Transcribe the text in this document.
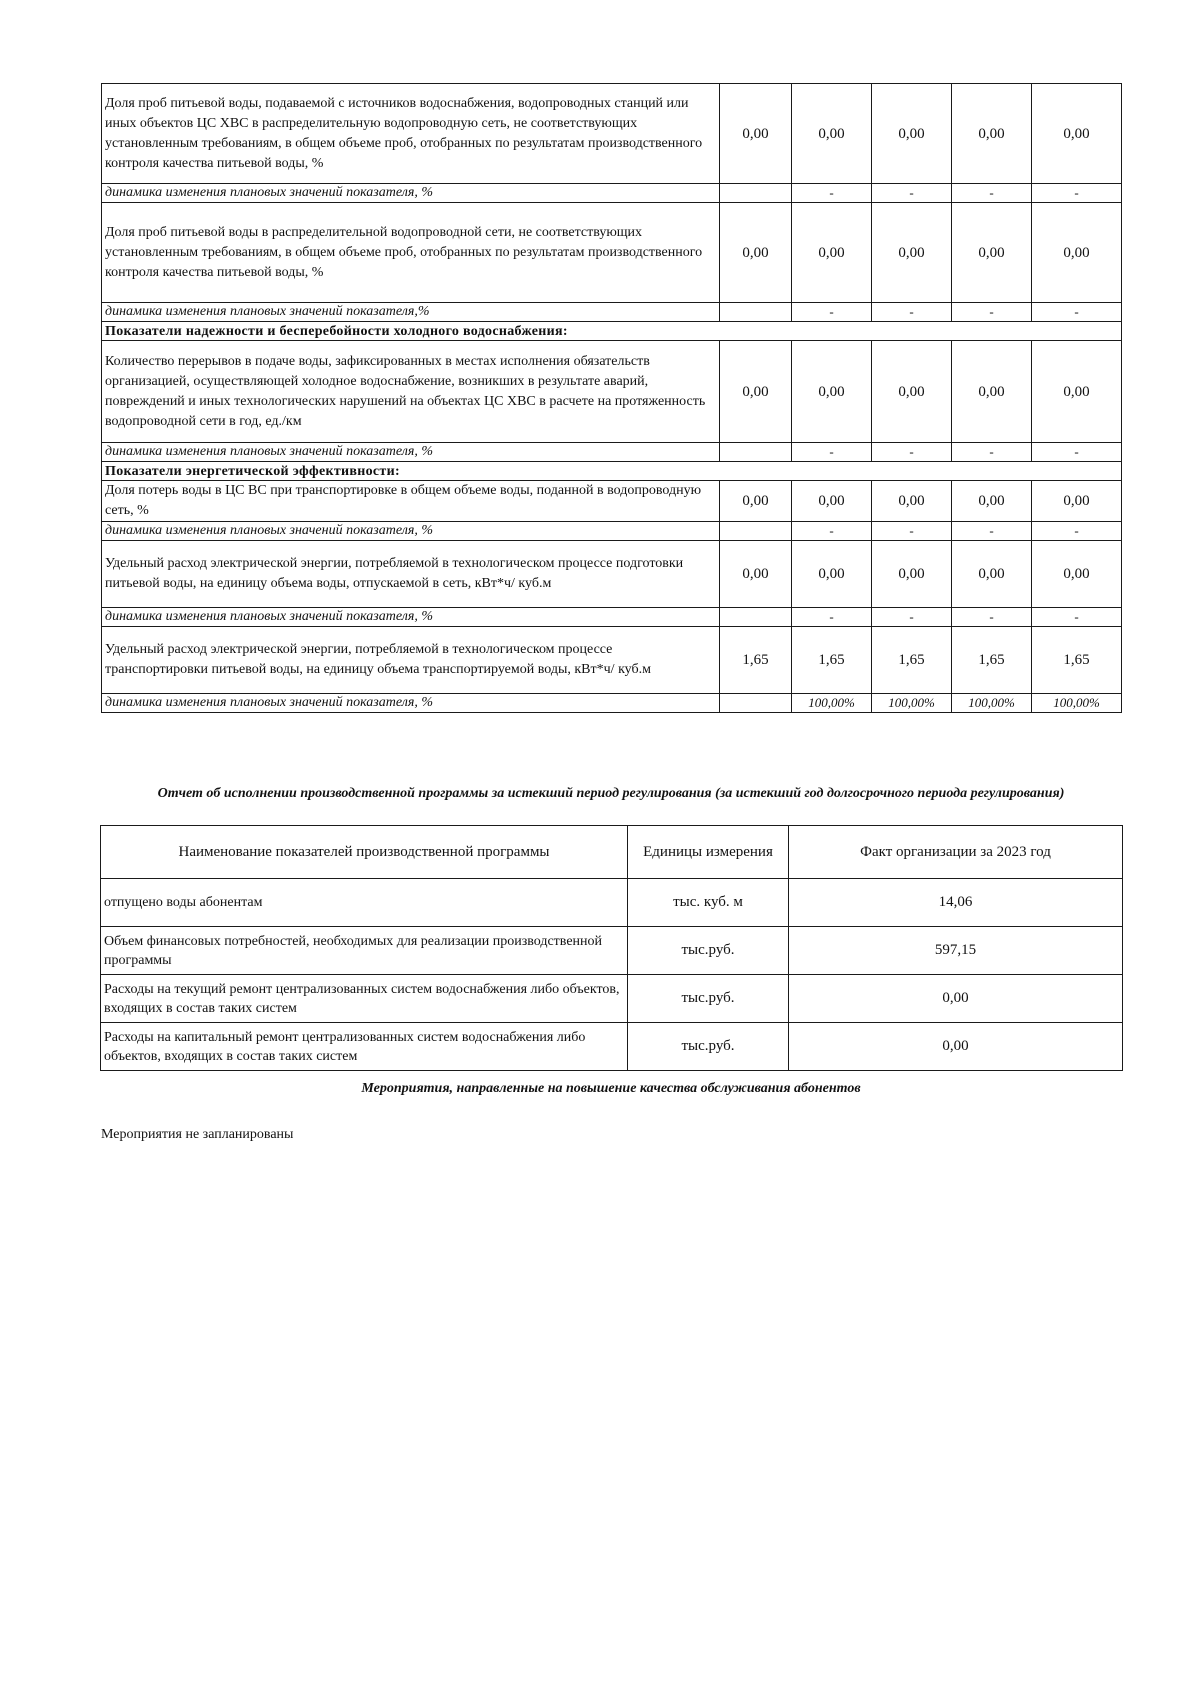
Доля проб питьевой воды, подаваемой с источников водоснабжения, водопроводных станций или иных объектов ЦС ХВС в распределительную водопроводную сеть, не соответствующих установленным требованиям, в общем объеме проб, отобранных по результатам производственного контроля качества питьевой воды, %	0,00	0,00	0,00	0,00	0,00
динамика изменения плановых значений показателя, %		-	-	-	-
Доля проб питьевой воды в распределительной водопроводной сети, не соответствующих установленным требованиям, в общем объеме проб, отобранных по результатам производственного контроля качества питьевой воды, %	0,00	0,00	0,00	0,00	0,00
динамика изменения плановых значений показателя,%		-	-	-	-
Показатели надежности и бесперебойности холодного водоснабжения:					
Количество перерывов в подаче воды, зафиксированных в местах исполнения обязательств организацией, осуществляющей холодное водоснабжение, возникших в результате аварий, повреждений и иных технологических нарушений на объектах ЦС ХВС в расчете на протяженность водопроводной сети в год, ед./км	0,00	0,00	0,00	0,00	0,00
динамика изменения плановых значений показателя, %		-	-	-	-
Показатели энергетической эффективности:					
Доля потерь воды в ЦС ВС при транспортировке в общем объеме воды, поданной в водопроводную сеть, %	0,00	0,00	0,00	0,00	0,00
динамика изменения плановых значений показателя, %		-	-	-	-
Удельный расход электрической энергии, потребляемой в технологическом процессе подготовки питьевой воды, на единицу объема воды, отпускаемой в сеть, кВт*ч/ куб.м	0,00	0,00	0,00	0,00	0,00
динамика изменения плановых значений показателя, %		-	-	-	-
Удельный расход электрической энергии, потребляемой в технологическом процессе транспортировки питьевой воды, на единицу объема транспортируемой воды, кВт*ч/ куб.м	1,65	1,65	1,65	1,65	1,65
динамика изменения плановых значений показателя, %		100,00%	100,00%	100,00%	100,00%

Отчет об исполнении производственной программы за истекший период регулирования (за истекший год долгосрочного периода регулирования)

Наименование показателей производственной программы	Единицы измерения	Факт организации за 2023 год
отпущено воды абонентам	тыс. куб. м	14,06
Объем финансовых потребностей, необходимых для реализации производственной программы	тыс.руб.	597,15
Расходы на текущий ремонт централизованных систем водоснабжения либо объектов, входящих в состав таких систем	тыс.руб.	0,00
Расходы на капитальный ремонт централизованных систем водоснабжения либо объектов, входящих в состав таких систем	тыс.руб.	0,00

Мероприятия, направленные на повышение качества обслуживания абонентов

Мероприятия не запланированы
